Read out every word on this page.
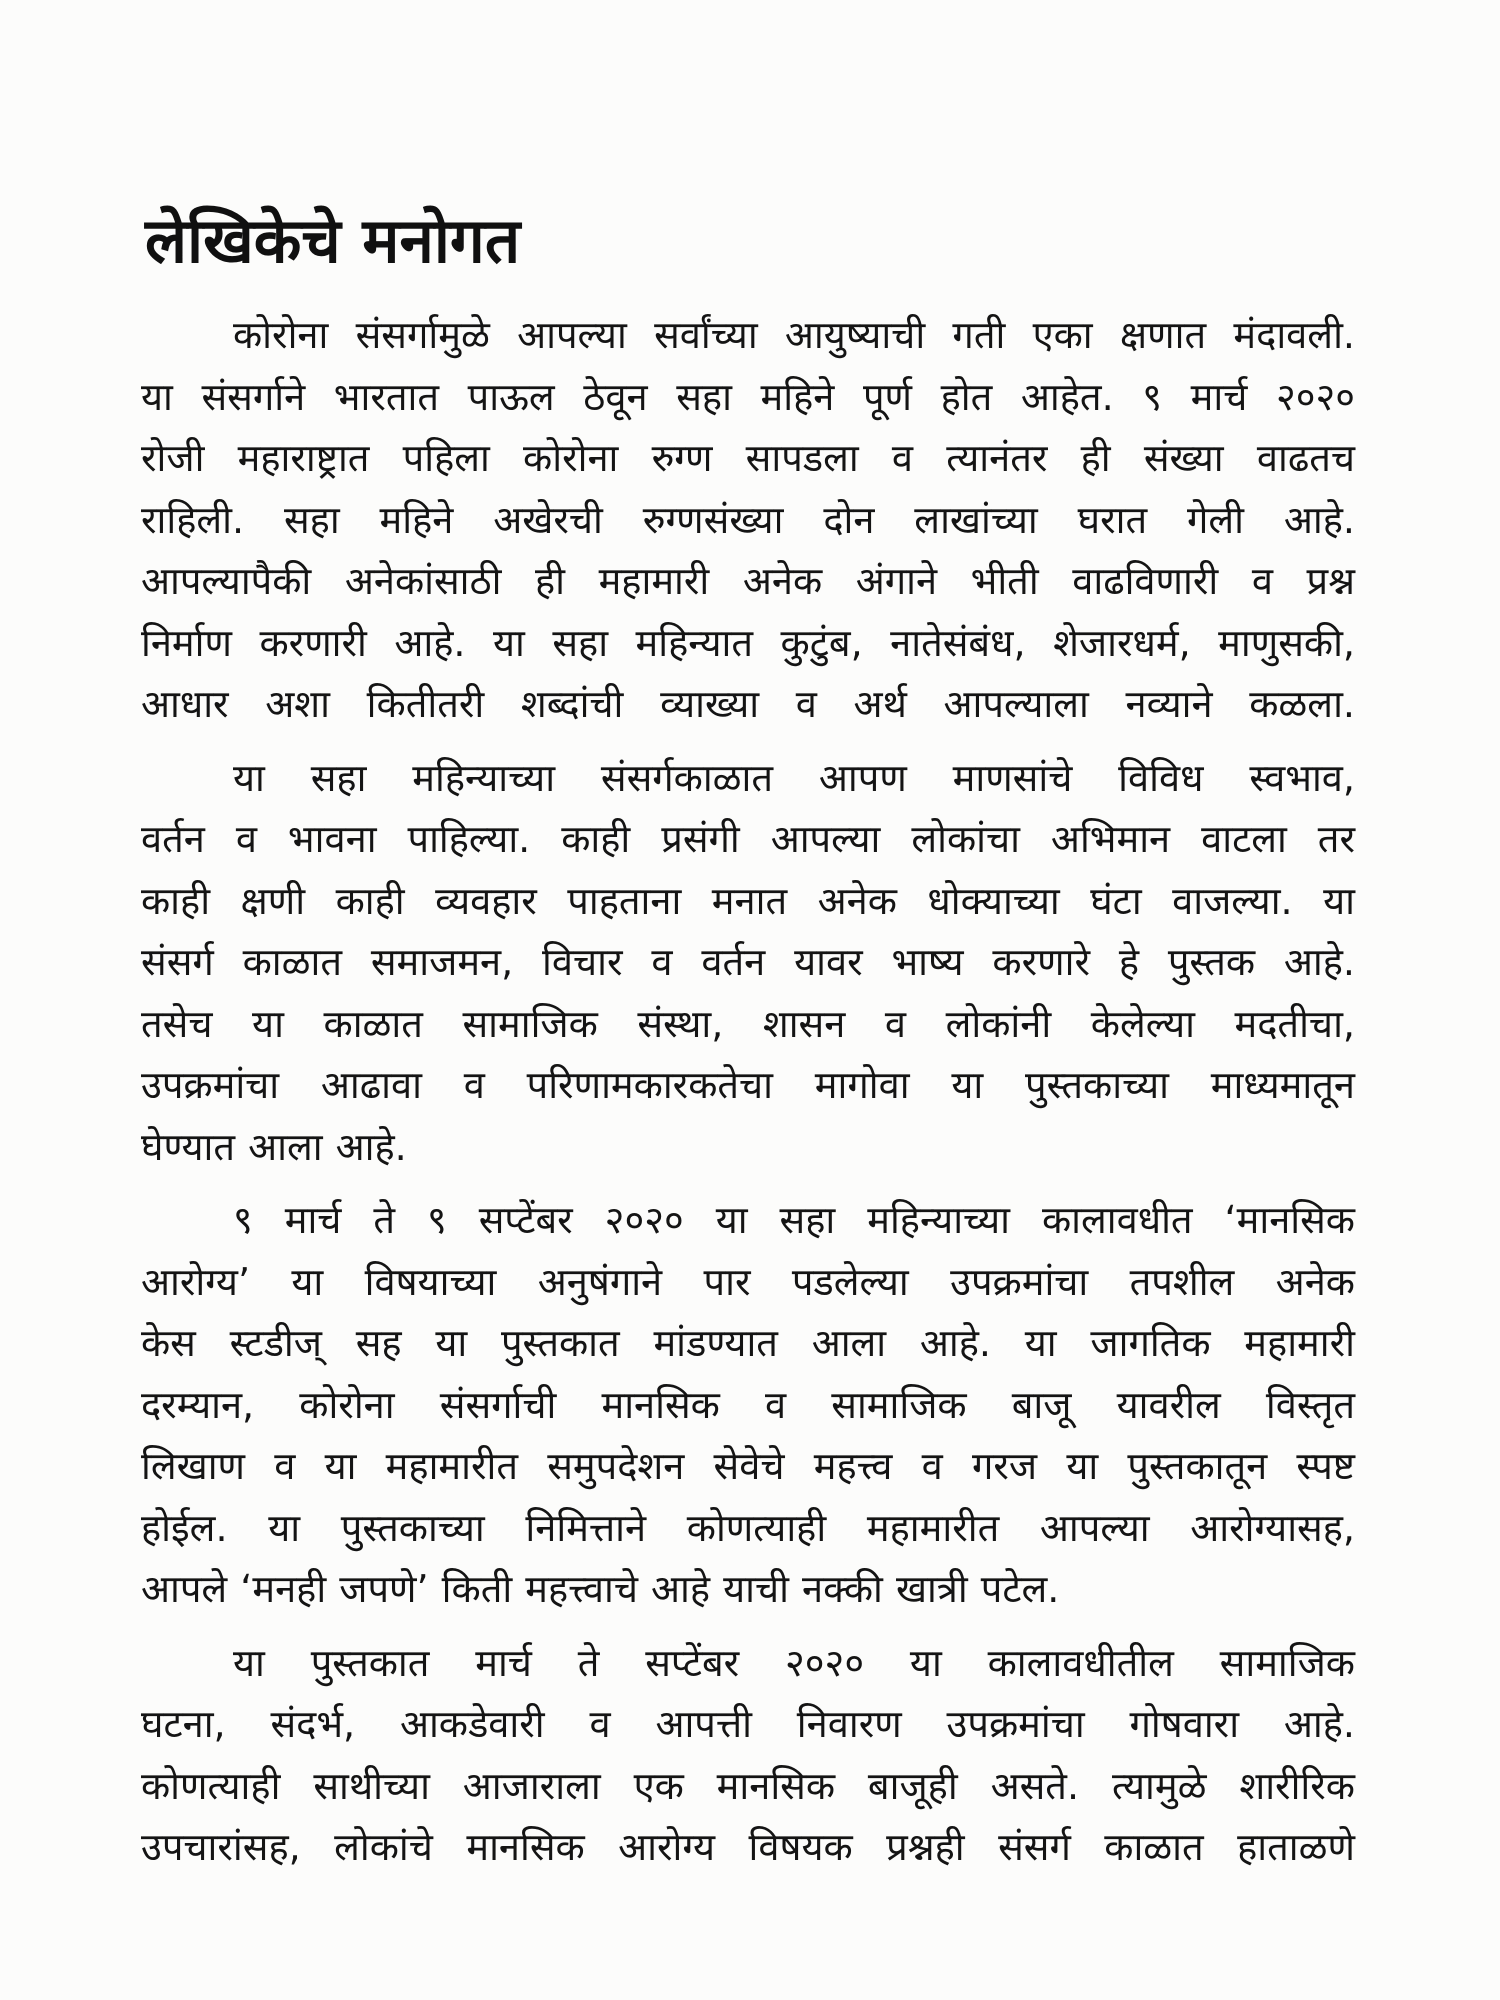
लेखिकेचे मनोगत
कोरोना संसर्गामुळे आपल्या सर्वांच्या आयुष्याची गती एका क्षणात मंदावली.
या संसर्गाने भारतात पाऊल ठेवून सहा महिने पूर्ण होत आहेत. ९ मार्च २०२०
रोजी महाराष्ट्रात पहिला कोरोना रुग्ण सापडला व त्यानंतर ही संख्या वाढतच
राहिली. सहा महिने अखेरची रुग्णसंख्या दोन लाखांच्या घरात गेली आहे.
आपल्यापैकी अनेकांसाठी ही महामारी अनेक अंगाने भीती वाढविणारी व प्रश्न
निर्माण करणारी आहे. या सहा महिन्यात कुटुंब, नातेसंबंध, शेजारधर्म, माणुसकी,
आधार अशा कितीतरी शब्दांची व्याख्या व अर्थ आपल्याला नव्याने कळला.
या सहा महिन्याच्या संसर्गकाळात आपण माणसांचे विविध स्वभाव,
वर्तन व भावना पाहिल्या. काही प्रसंगी आपल्या लोकांचा अभिमान वाटला तर
काही क्षणी काही व्यवहार पाहताना मनात अनेक धोक्याच्या घंटा वाजल्या. या
संसर्ग काळात समाजमन, विचार व वर्तन यावर भाष्य करणारे हे पुस्तक आहे.
तसेच या काळात सामाजिक संस्था, शासन व लोकांनी केलेल्या मदतीचा,
उपक्रमांचा आढावा व परिणामकारकतेचा मागोवा या पुस्तकाच्या माध्यमातून
घेण्यात आला आहे.
९ मार्च ते ९ सप्टेंबर २०२० या सहा महिन्याच्या कालावधीत ‘मानसिक
आरोग्य’ या विषयाच्या अनुषंगाने पार पडलेल्या उपक्रमांचा तपशील अनेक
केस स्टडीज् सह या पुस्तकात मांडण्यात आला आहे. या जागतिक महामारी
दरम्यान, कोरोना संसर्गाची मानसिक व सामाजिक बाजू यावरील विस्तृत
लिखाण व या महामारीत समुपदेशन सेवेचे महत्त्व व गरज या पुस्तकातून स्पष्ट
होईल. या पुस्तकाच्या निमित्ताने कोणत्याही महामारीत आपल्या आरोग्यासह,
आपले ‘मनही जपणे’ किती महत्त्वाचे आहे याची नक्की खात्री पटेल.
या पुस्तकात मार्च ते सप्टेंबर २०२० या कालावधीतील सामाजिक
घटना, संदर्भ, आकडेवारी व आपत्ती निवारण उपक्रमांचा गोषवारा आहे.
कोणत्याही साथीच्या आजाराला एक मानसिक बाजूही असते. त्यामुळे शारीरिक
उपचारांसह, लोकांचे मानसिक आरोग्य विषयक प्रश्नही संसर्ग काळात हाताळणे
